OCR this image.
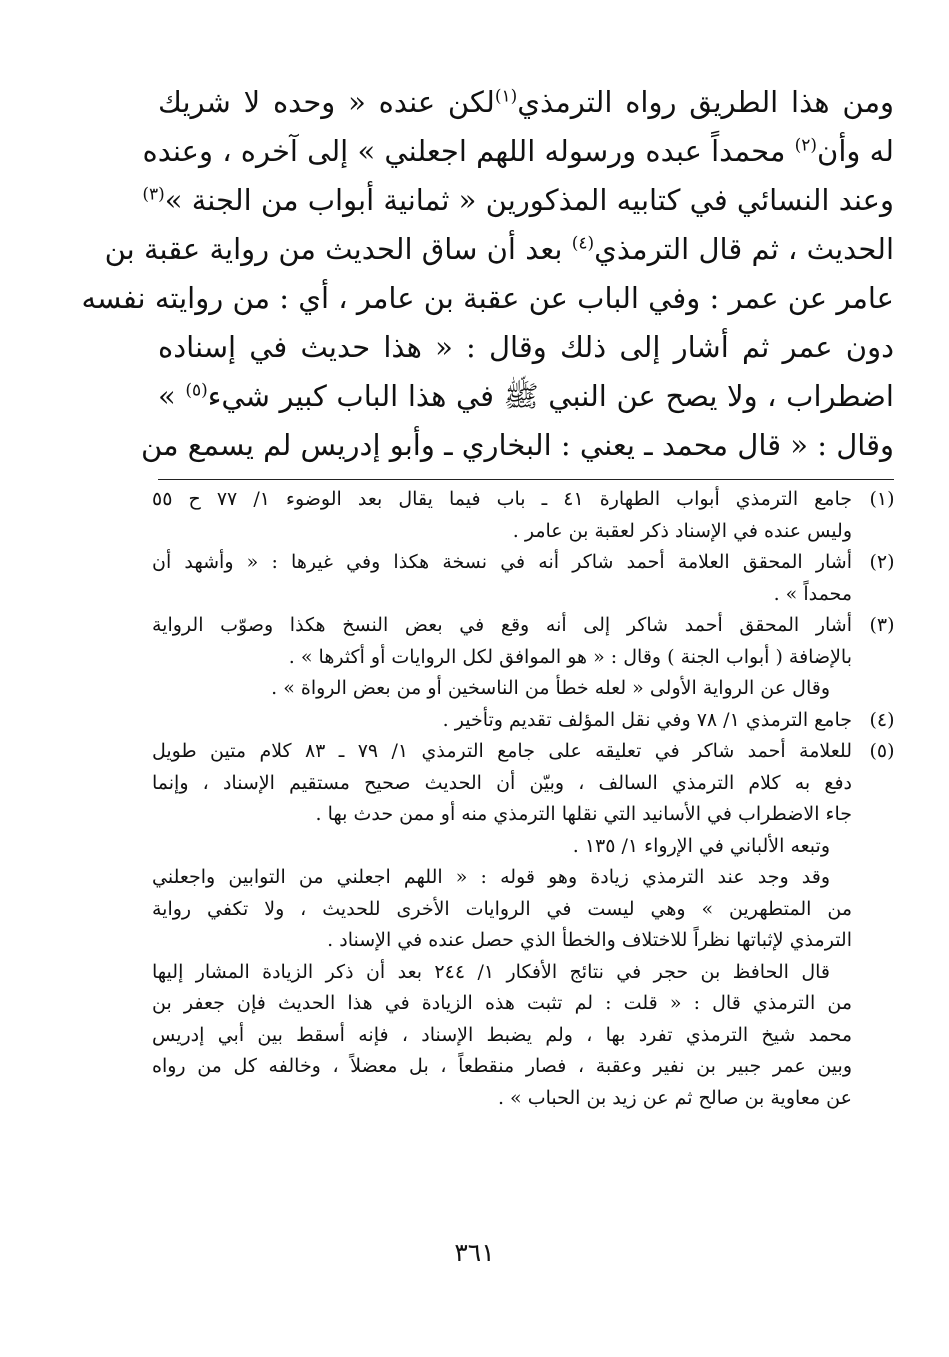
ومن هذا الطريق رواه الترمذي$^{(١)}$لكن عنده « وحده لا شريك
له وأن$^{(٢)}$ محمداً عبده ورسوله اللهم اجعلني » إلى آخره ، وعنده
وعند النسائي في كتابيه المذكورين « ثمانية أبواب من الجنة »$^{(٣)}$
الحديث ، ثم قال الترمذي$^{(٤)}$ بعد أن ساق الحديث من رواية عقبة بن
عامر عن عمر : وفي الباب عن عقبة بن عامر ، أي : من روايته نفسه
دون عمر ثم أشار إلى ذلك وقال : « هذا حديث في إسناده
اضطراب ، ولا يصح عن النبي ﷺ في هذا الباب كبير شيء$^{(٥)}$ »
وقال : « قال محمد ـ يعني : البخاري ـ وأبو إدريس لم يسمع من
(١)
جامع الترمذي أبواب الطهارة ٤١ ـ باب فيما يقال بعد الوضوء ١/ ٧٧ ح ٥٥
وليس عنده في الإسناد ذكر لعقبة بن عامر .
(٢)
أشار المحقق العلامة أحمد شاكر أنه في نسخة هكذا وفي غيرها : « وأشهد أن
محمداً » .
(٣)
أشار المحقق أحمد شاكر إلى أنه وقع في بعض النسخ هكذا وصوّب الرواية
بالإضافة ( أبواب الجنة ) وقال : « هو الموافق لكل الروايات أو أكثرها » .
وقال عن الرواية الأولى « لعله خطأ من الناسخين أو من بعض الرواة » .
(٤)
جامع الترمذي ١/ ٧٨ وفي نقل المؤلف تقديم وتأخير .
(٥)
للعلامة أحمد شاكر في تعليقه على جامع الترمذي ١/ ٧٩ ـ ٨٣ كلام متين طويل
دفع به كلام الترمذي السالف ، وبيّن أن الحديث صحيح مستقيم الإسناد ، وإنما
جاء الاضطراب في الأسانيد التي نقلها الترمذي منه أو ممن حدث بها .
وتبعه الألباني في الإرواء ١/ ١٣٥ .
وقد وجد عند الترمذي زيادة وهو قوله : « اللهم اجعلني من التوابين واجعلني
من المتطهرين » وهي ليست في الروايات الأخرى للحديث ، ولا تكفي رواية
الترمذي لإثباتها نظراً للاختلاف والخطأ الذي حصل عنده في الإسناد .
قال الحافظ بن حجر في نتائج الأفكار ١/ ٢٤٤ بعد أن ذكر الزيادة المشار إليها
من الترمذي قال : « قلت : لم تثبت هذه الزيادة في هذا الحديث فإن جعفر بن
محمد شيخ الترمذي تفرد بها ، ولم يضبط الإسناد ، فإنه أسقط بين أبي إدريس
وبين عمر جبير بن نفير وعقبة ، فصار منقطعاً ، بل معضلاً ، وخالفه كل من رواه
عن معاوية بن صالح ثم عن زيد بن الحباب » .
٣٦١
